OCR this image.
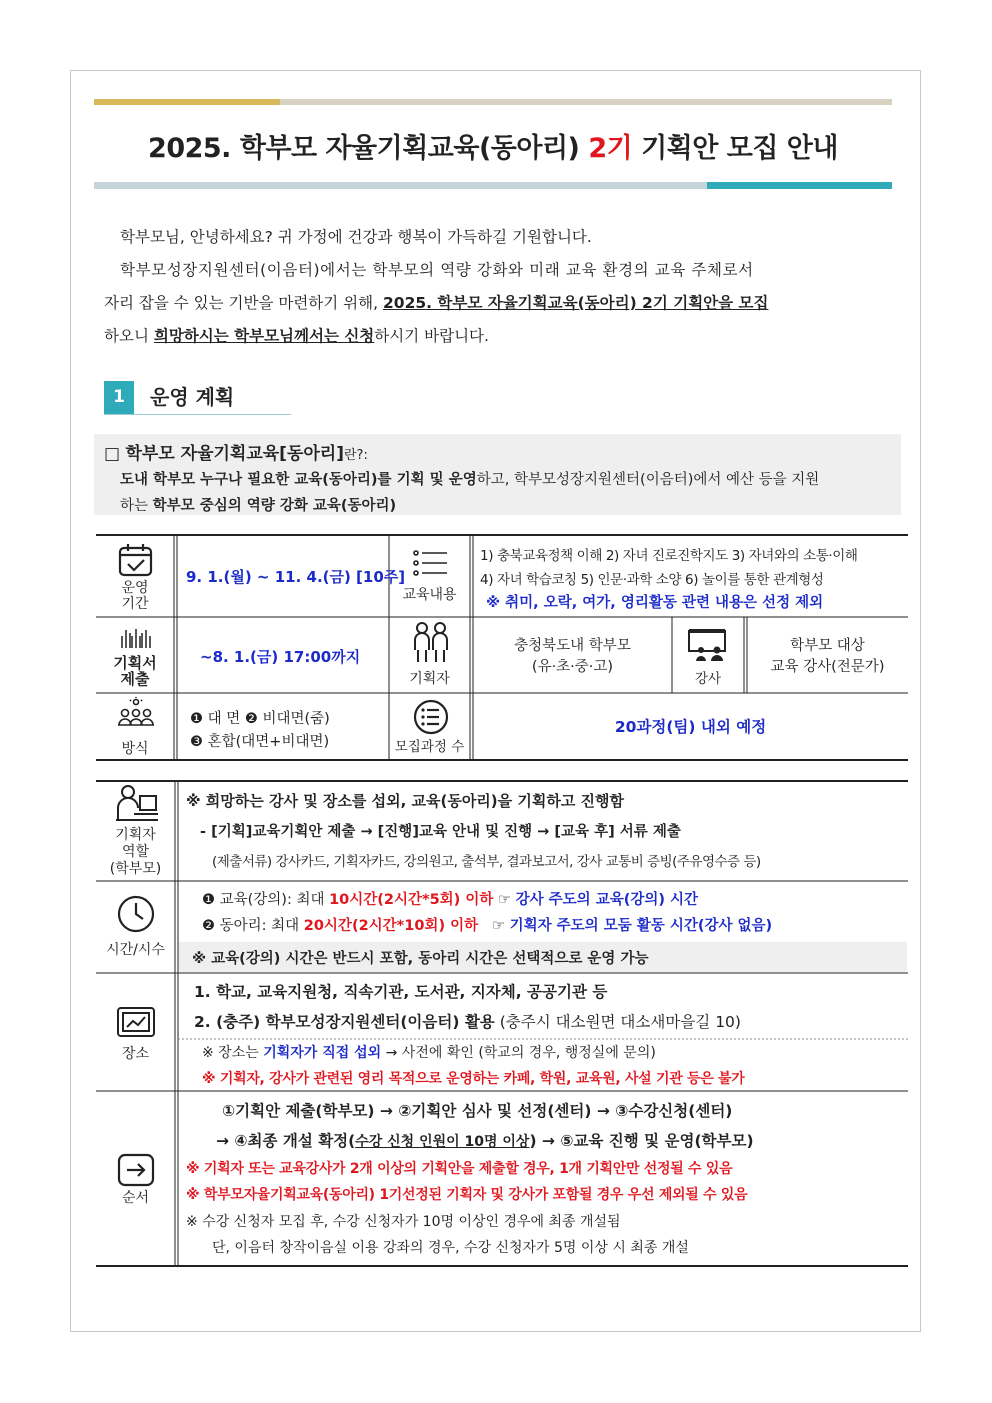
2025. 학부모 자율기획교육(동아리) 2기 기획안 모집 안내
학부모님, 안녕하세요? 귀 가정에 건강과 행복이 가득하길 기원합니다.
학부모성장지원센터(이음터)에서는 학부모의 역량 강화와 미래 교육 환경의 교육 주체로서
자리 잡을 수 있는 기반을 마련하기 위해, 2025. 학부모 자율기획교육(동아리) 2기 기획안을 모집
하오니 희망하시는 학부모님께서는 신청하시기 바랍니다.
1	운영 계획
□ 학부모 자율기획교육[동아리]란?:
도내 학부모 누구나 필요한 교육(동아리)를 기획 및 운영하고, 학부모성장지원센터(이음터)에서 예산 등을 지원
하는 학부모 중심의 역량 강화 교육(동아리)
운영
기간
9. 1.(월) ~ 11. 4.(금) [10주]
교육내용
1) 충북교육정책 이해 2) 자녀 진로진학지도 3) 자녀와의 소통·이해
4) 자녀 학습코칭 5) 인문·과학 소양 6) 놀이를 통한 관계형성
※ 취미, 오락, 여가, 영리활동 관련 내용은 선정 제외
기획서
제출
~8. 1.(금) 17:00까지
기획자
충청북도내 학부모
(유·초·중·고)
강사
학부모 대상
교육 강사(전문가)
방식
❶ 대 면 ❷ 비대면(줌)
❸ 혼합(대면+비대면)	모집과정 수
20과정(팀) 내외 예정
기획자
역할
(학부모)
※ 희망하는 강사 및 장소를 섭외, 교육(동아리)을 기획하고 진행함
- [기획]교육기획안 제출 → [진행]교육 안내 및 진행 → [교육 후] 서류 제출
(제출서류) 강사카드, 기획자카드, 강의원고, 출석부, 결과보고서, 강사 교통비 증빙(주유영수증 등)
시간/시수
❶ 교육(강의): 최대 10시간(2시간*5회) 이하 ☞ 강사 주도의 교육(강의) 시간
❷ 동아리: 최대 20시간(2시간*10회) 이하 ☞ 기획자 주도의 모둠 활동 시간(강사 없음)
※ 교육(강의) 시간은 반드시 포함, 동아리 시간은 선택적으로 운영 가능
장소
1. 학교, 교육지원청, 직속기관, 도서관, 지자체, 공공기관 등
2. (충주) 학부모성장지원센터(이음터) 활용 (충주시 대소원면 대소새마을길 10)
※ 장소는 기획자가 직접 섭외 → 사전에 확인 (학교의 경우, 행정실에 문의)
※ 기획자, 강사가 관련된 영리 목적으로 운영하는 카페, 학원, 교육원, 사설 기관 등은 불가
순서
①기획안 제출(학부모) → ②기획안 심사 및 선정(센터) → ③수강신청(센터)
→ ④최종 개설 확정(수강 신청 인원이 10명 이상) → ⑤교육 진행 및 운영(학부모)
※ 기획자 또는 교육강사가 2개 이상의 기획안을 제출할 경우, 1개 기획안만 선정될 수 있음
※ 학부모자율기획교육(동아리) 1기선정된 기획자 및 강사가 포함될 경우 우선 제외될 수 있음
※ 수강 신청자 모집 후, 수강 신청자가 10명 이상인 경우에 최종 개설됨
단, 이음터 창작이음실 이용 강좌의 경우, 수강 신청자가 5명 이상 시 최종 개설
